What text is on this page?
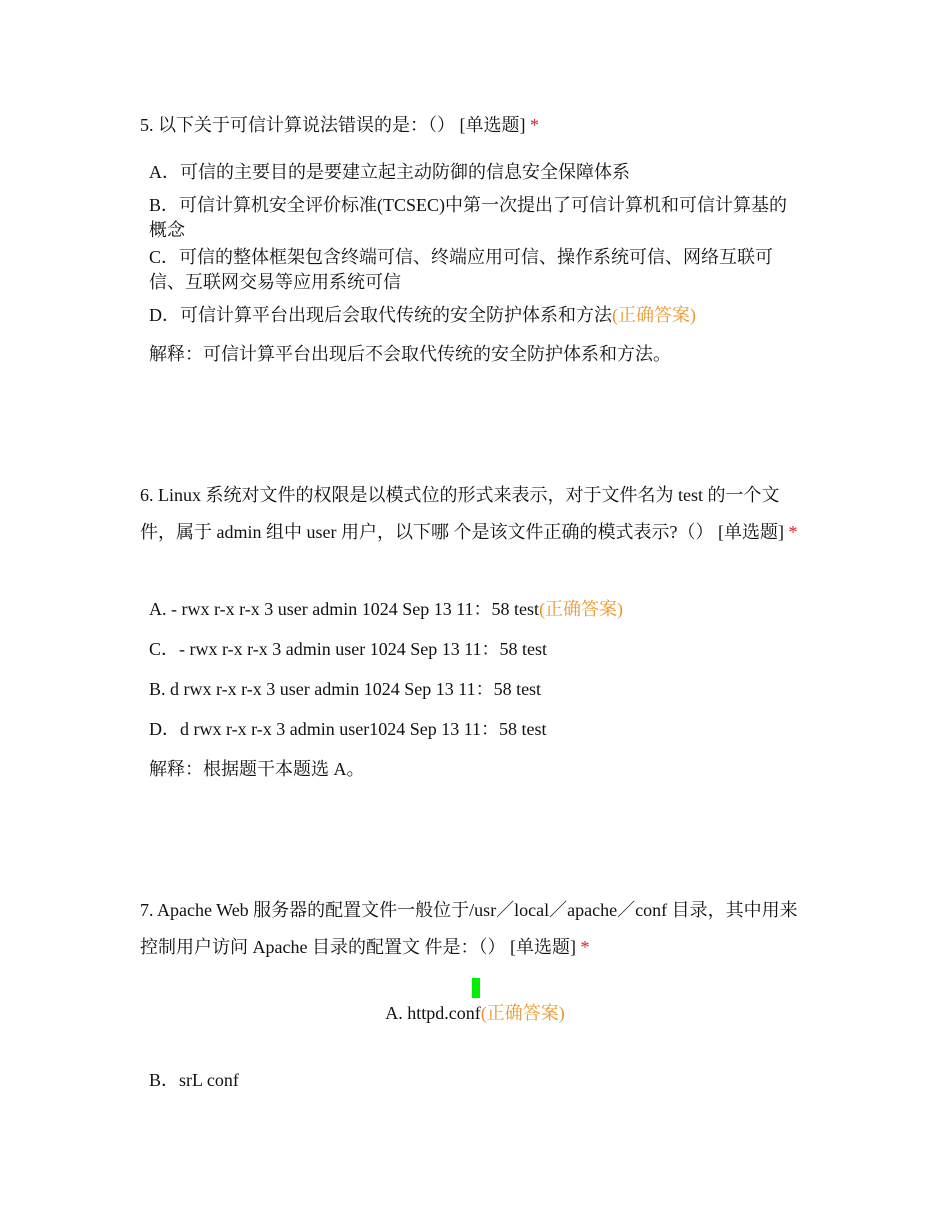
5. 以下关于可信计算说法错误的是：（） [单选题] *
A．可信的主要目的是要建立起主动防御的信息安全保障体系
B．可信计算机安全评价标准(TCSEC)中第一次提出了可信计算机和可信计算基的概念
C．可信的整体框架包含终端可信、终端应用可信、操作系统可信、网络互联可信、互联网交易等应用系统可信
D．可信计算平台出现后会取代传统的安全防护体系和方法(正确答案)
解释：可信计算平台出现后不会取代传统的安全防护体系和方法。
6. Linux 系统对文件的权限是以模式位的形式来表示，对于文件名为 test 的一个文件，属于 admin 组中 user 用户，以下哪 个是该文件正确的模式表示?（） [单选题] *
A. - rwx r-x r-x 3 user admin 1024 Sep 13 11：58 test(正确答案)
C．- rwx r-x r-x 3 admin user 1024 Sep 13 11：58 test
B. d rwx r-x r-x 3 user admin 1024 Sep 13 11：58 test
D．d rwx r-x r-x 3 admin user1024 Sep 13 11：58 test
解释：根据题干本题选 A。
7. Apache Web 服务器的配置文件一般位于/usr／local／apache／conf 目录，其中用来控制用户访问 Apache 目录的配置文 件是：（） [单选题] *
A. httpd.conf(正确答案)
B．srL conf
